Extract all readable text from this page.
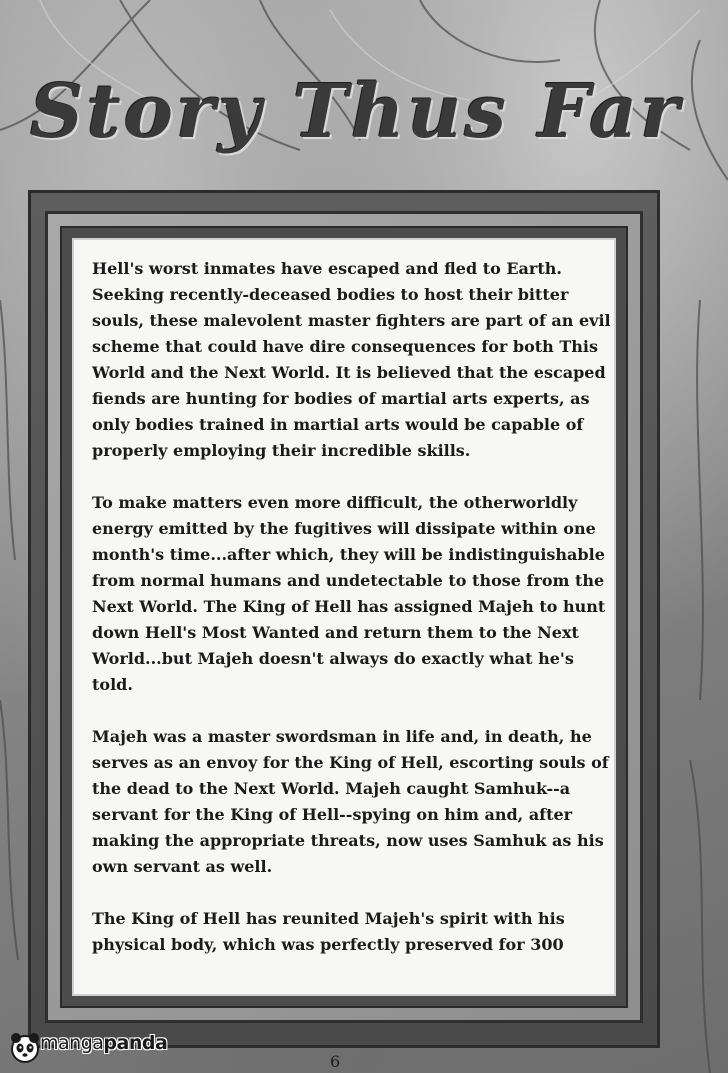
Story Thus Far

Hell's worst inmates have escaped and fled to Earth. Seeking recently-deceased bodies to host their bitter souls, these malevolent master fighters are part of an evil scheme that could have dire consequences for both This World and the Next World. It is believed that the escaped fiends are hunting for bodies of martial arts experts, as only bodies trained in martial arts would be capable of properly employing their incredible skills.

To make matters even more difficult, the otherworldly energy emitted by the fugitives will dissipate within one month's time...after which, they will be indistinguishable from normal humans and undetectable to those from the Next World. The King of Hell has assigned Majeh to hunt down Hell's Most Wanted and return them to the Next World...but Majeh doesn't always do exactly what he's told.

Majeh was a master swordsman in life and, in death, he serves as an envoy for the King of Hell, escorting souls of the dead to the Next World. Majeh caught Samhuk--a servant for the King of Hell--spying on him and, after making the appropriate threats, now uses Samhuk as his own servant as well.

The King of Hell has reunited Majeh's spirit with his physical body, which was perfectly preserved for 300

6
mangapanda
